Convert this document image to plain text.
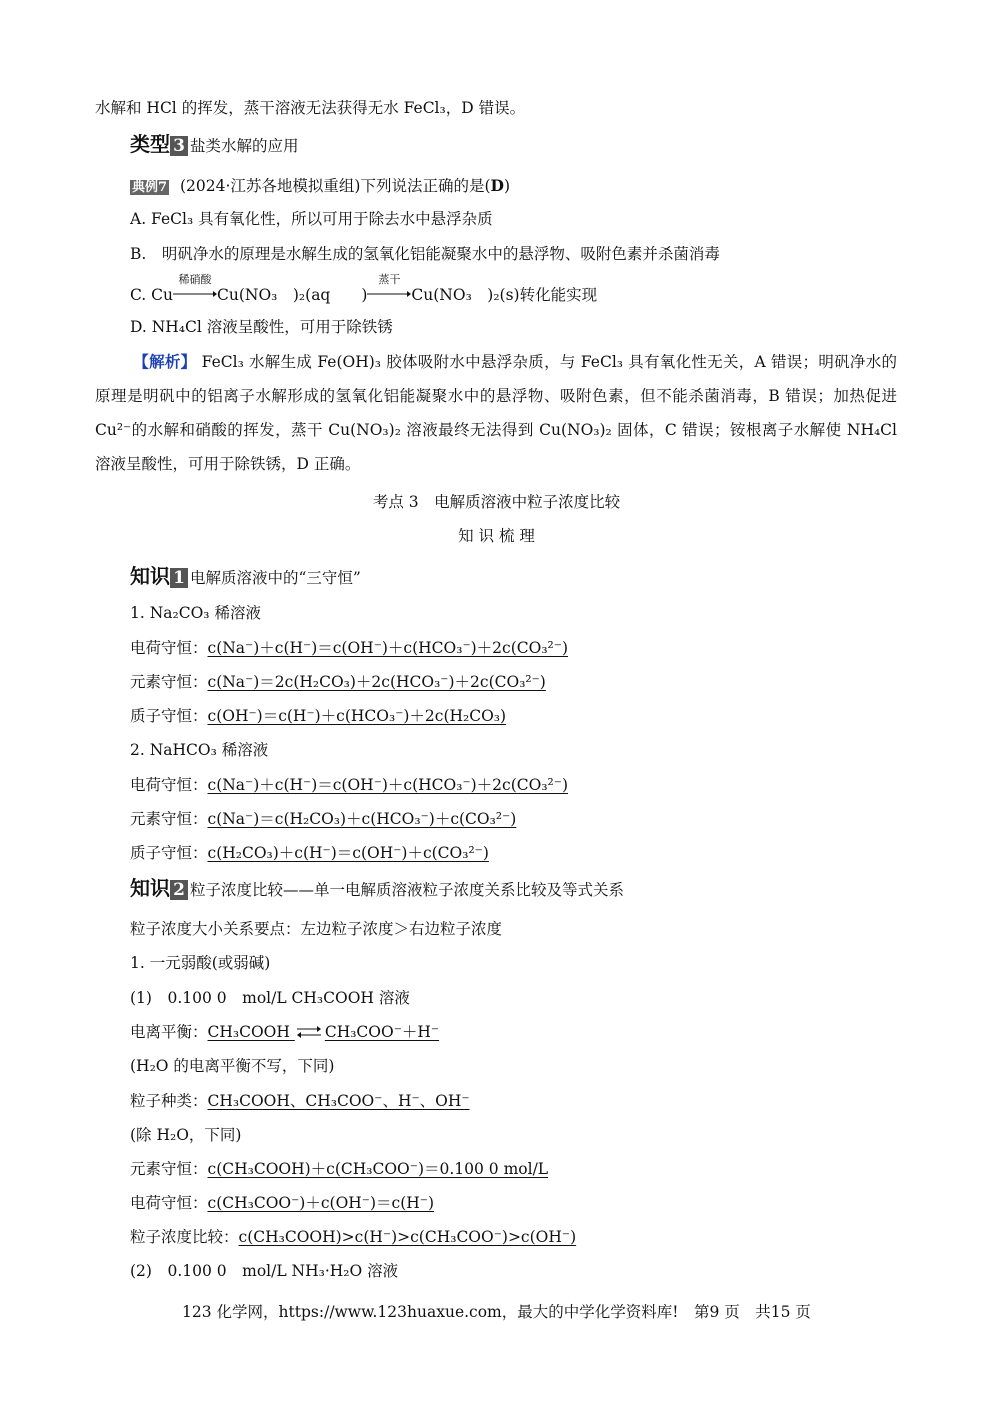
水解和 HCl 的挥发，蒸干溶液无法获得无水 FeCl₃，D 错误。
类型 3 盐类水解的应用
典例7 (2024·江苏各地模拟重组)下列说法正确的是(D)
A. FeCl₃ 具有氧化性，所以可用于除去水中悬浮杂质
B.　明矾净水的原理是水解生成的氢氧化铝能凝聚水中的悬浮物、吸附色素并杀菌消毒
C. Cu
稀硝酸
Cu(NO₃　)₂(aq　　)
蒸干
Cu(NO₃　)₂(s)转化能实现
D. NH₄Cl 溶液呈酸性，可用于除铁锈
【解析】 FeCl₃ 水解生成 Fe(OH)₃ 胶体吸附水中悬浮杂质，与 FeCl₃ 具有氧化性无关，A 错误；明矾净水的原理是明矾中的铝离子水解形成的氢氧化铝能凝聚水中的悬浮物、吸附色素，但不能杀菌消毒，B 错误；加热促进 Cu²⁻的水解和硝酸的挥发，蒸干 Cu(NO₃)₂ 溶液最终无法得到 Cu(NO₃)₂ 固体，C 错误；铵根离子水解使 NH₄Cl 溶液呈酸性，可用于除铁锈，D 正确。
考点 3　电解质溶液中粒子浓度比较
知 识 梳 理
知识 1 电解质溶液中的“三守恒”
1. Na₂CO₃ 稀溶液
电荷守恒：c(Na⁻)＋c(H⁻)＝c(OH⁻)＋c(HCO₃⁻)＋2c(CO₃²⁻)
元素守恒：c(Na⁻)＝2c(H₂CO₃)＋2c(HCO₃⁻)＋2c(CO₃²⁻)
质子守恒：c(OH⁻)＝c(H⁻)＋c(HCO₃⁻)＋2c(H₂CO₃)
2. NaHCO₃ 稀溶液
电荷守恒：c(Na⁻)＋c(H⁻)＝c(OH⁻)＋c(HCO₃⁻)＋2c(CO₃²⁻)
元素守恒：c(Na⁻)＝c(H₂CO₃)＋c(HCO₃⁻)＋c(CO₃²⁻)
质子守恒：c(H₂CO₃)＋c(H⁻)＝c(OH⁻)＋c(CO₃²⁻)
知识 2 粒子浓度比较——单一电解质溶液粒子浓度关系比较及等式关系
粒子浓度大小关系要点：左边粒子浓度＞右边粒子浓度
1. 一元弱酸(或弱碱)
(1)　0.100 0　mol/L CH₃COOH 溶液
电离平衡：CH₃COOH ⇌CH₃COO⁻＋H⁻
(H₂O 的电离平衡不写，下同)
粒子种类：CH₃COOH、CH₃COO⁻、H⁻、OH⁻
(除 H₂O，下同)
元素守恒：c(CH₃COOH)＋c(CH₃COO⁻)＝0.100 0 mol/L
电荷守恒：c(CH₃COO⁻)＋c(OH⁻)＝c(H⁻)
粒子浓度比较：c(CH₃COOH)>c(H⁻)>c(CH₃COO⁻)>c(OH⁻)
(2)　0.100 0　mol/L NH₃·H₂O 溶液
123 化学网，https://www.123huaxue.com，最大的中学化学资料库!　第9 页　共15 页
